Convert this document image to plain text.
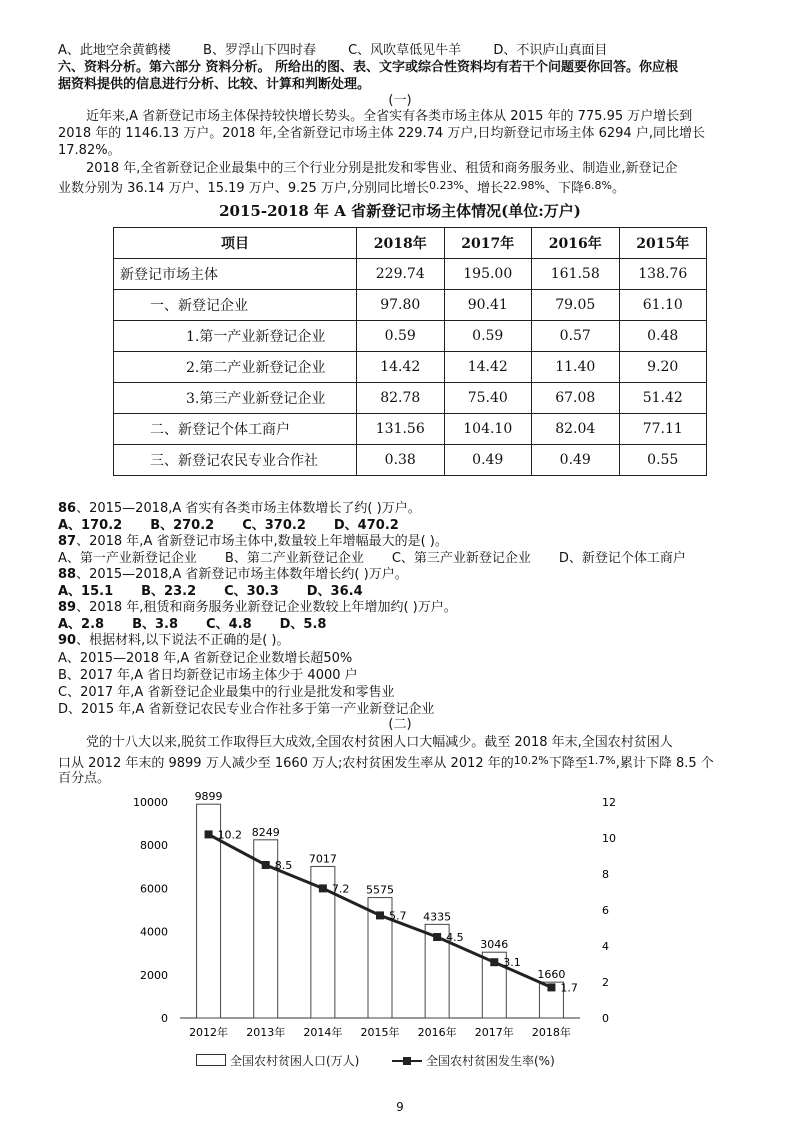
A、此地空余黄鹤楼 B、罗浮山下四时春 C、风吹草低见牛羊 D、不识庐山真面目
六、资料分析。第六部分 资料分析。 所给出的图、表、文字或综合性资料均有若干个问题要你回答。你应根
据资料提供的信息进行分析、比较、计算和判断处理。
(一)
近年来,A 省新登记市场主体保持较快增长势头。全省实有各类市场主体从 2015 年的 775.95 万户增长到
2018 年的 1146.13 万户。2018 年,全省新登记市场主体 229.74 万户,日均新登记市场主体 6294 户,同比增长
17.82%。
2018 年,全省新登记企业最集中的三个行业分别是批发和零售业、租赁和商务服务业、制造业,新登记企
业数分别为 36.14 万户、15.19 万户、9.25 万户,分别同比增长$^{0.23\%}$、增长$^{22.98\%}$、下降$^{6.8\%}$。
2015-2018 年 A 省新登记市场主体情况(单位:万户)
项目	2018年	2017年	2016年	2015年
新登记市场主体	229.74	195.00	161.58	138.76
一、新登记企业	97.80	90.41	79.05	61.10
1.第一产业新登记企业	0.59	0.59	0.57	0.48
2.第二产业新登记企业	14.42	14.42	11.40	9.20
3.第三产业新登记企业	82.78	75.40	67.08	51.42
二、新登记个体工商户	131.56	104.10	82.04	77.11
三、新登记农民专业合作社	0.38	0.49	0.49	0.55
86、2015—2018,A 省实有各类市场主体数增长了约( )万户。
A、170.2 B、270.2 C、370.2 D、470.2
87、2018 年,A 省新登记市场主体中,数量较上年增幅最大的是( )。
A、第一产业新登记企业 B、第二产业新登记企业 C、第三产业新登记企业 D、新登记个体工商户
88、2015—2018,A 省新登记市场主体数年增长约( )万户。
A、15.1 B、23.2 C、30.3 D、36.4
89、2018 年,租赁和商务服务业新登记企业数较上年增加约( )万户。
A、2.8 B、3.8 C、4.8 D、5.8
90、根据材料,以下说法不正确的是( )。
A、2015—2018 年,A 省新登记企业数增长超50%
B、2017 年,A 省日均新登记市场主体少于 4000 户
C、2017 年,A 省新登记企业最集中的行业是批发和零售业
D、2015 年,A 省新登记农民专业合作社多于第一产业新登记企业
(二)
党的十八大以来,脱贫工作取得巨大成效,全国农村贫困人口大幅减少。截至 2018 年末,全国农村贫困人
口从 2012 年末的 9899 万人减少至 1660 万人;农村贫困发生率从 2012 年的$^{10.2\%}$下降至$^{1.7\%}$,累计下降 8.5 个
百分点。
0
2000
4000
6000
8000
10000
0
2
4
6
8
10
12
9899
2012年
8249
2013年
7017
2014年
5575
2015年
4335
2016年
3046
2017年
1660
2018年
10.2
8.5
7.2
5.7
4.5
3.1
1.7
全国农村贫困人口(万人)	全国农村贫困发生率(%)
9
